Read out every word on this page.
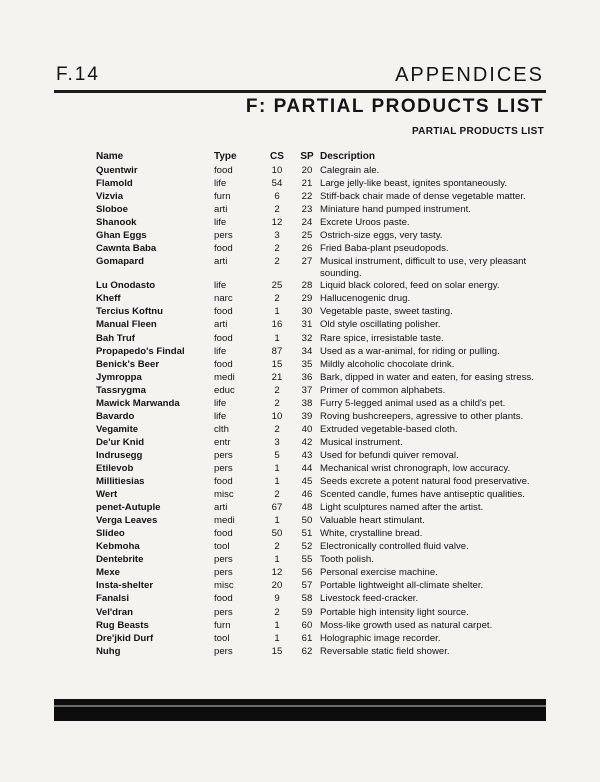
F.14	APPENDICES
F: PARTIAL PRODUCTS LIST
PARTIAL PRODUCTS LIST
Name	Type	CS	SP	Description
Quentwir	food	10	20	Calegrain ale.
Flamold	life	54	21	Large jelly-like beast, ignites spontaneously.
Vizvia	furn	6	22	Stiff-back chair made of dense vegetable matter.
Sloboe	arti	2	23	Miniature hand pumped instrument.
Shanook	life	12	24	Excrete Uroos paste.
Ghan Eggs	pers	3	25	Ostrich-size eggs, very tasty.
Cawnta Baba	food	2	26	Fried Baba-plant pseudopods.
Gomapard	arti	2	27	Musical instrument, difficult to use, very pleasant sounding.
Lu Onodasto	life	25	28	Liquid black colored, feed on solar energy.
Kheff	narc	2	29	Hallucenogenic drug.
Tercius Koftnu	food	1	30	Vegetable paste, sweet tasting.
Manual Fleen	arti	16	31	Old style oscillating polisher.
Bah Truf	food	1	32	Rare spice, irresistable taste.
Propapedo's Findal	life	87	34	Used as a war-animal, for riding or pulling.
Benick's Beer	food	15	35	Mildly alcoholic chocolate drink.
Jymroppa	medi	21	36	Bark, dipped in water and eaten, for easing stress.
Tassrygma	educ	2	37	Primer of common alphabets.
Mawick Marwanda	life	2	38	Furry 5-legged animal used as a child's pet.
Bavardo	life	10	39	Roving bushcreepers, agressive to other plants.
Vegamite	clth	2	40	Extruded vegetable-based cloth.
De'ur Knid	entr	3	42	Musical instrument.
Indrusegg	pers	5	43	Used for befundi quiver removal.
Etilevob	pers	1	44	Mechanical wrist chronograph, low accuracy.
Millitiesias	food	1	45	Seeds excrete a potent natural food preservative.
Wert	misc	2	46	Scented candle, fumes have antiseptic qualities.
penet-Autuple	arti	67	48	Light sculptures named after the artist.
Verga Leaves	medi	1	50	Valuable heart stimulant.
Slideo	food	50	51	White, crystalline bread.
Kebmoha	tool	2	52	Electronically controlled fluid valve.
Dentebrite	pers	1	55	Tooth polish.
Mexe	pers	12	56	Personal exercise machine.
Insta-shelter	misc	20	57	Portable lightweight all-climate shelter.
Fanalsi	food	9	58	Livestock feed-cracker.
Vel'dran	pers	2	59	Portable high intensity light source.
Rug Beasts	furn	1	60	Moss-like growth used as natural carpet.
Dre'jkid Durf	tool	1	61	Holographic image recorder.
Nuhg	pers	15	62	Reversable static field shower.
